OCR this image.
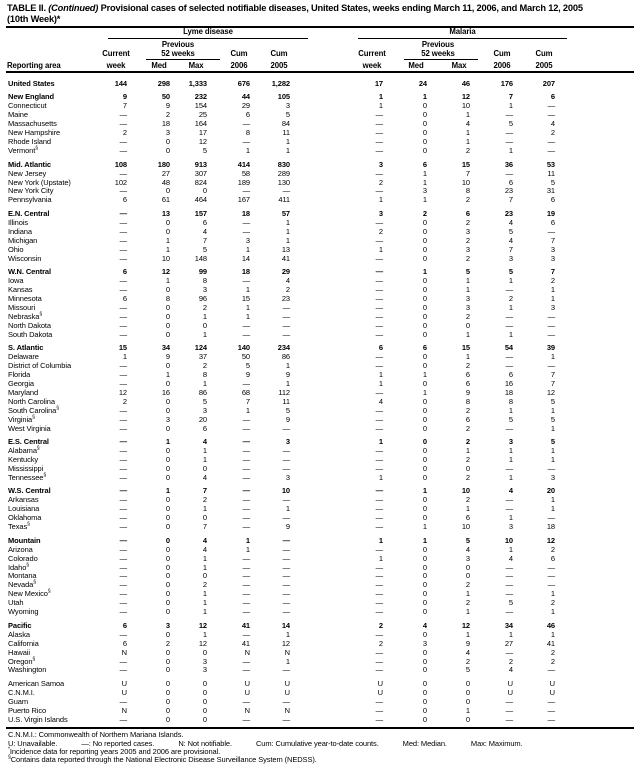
TABLE II. (Continued) Provisional cases of selected notifiable diseases, United States, weeks ending March 11, 2006, and March 12, 2005
(10th Week)*
Lyme disease	Malaria
Previous	Previous
Current	52 weeks	Cum	Cum	Current	52 weeks	Cum	Cum
Reporting area	week	Med	Max	2006	2005	week	Med	Max	2006	2005
United States	144	298	1,333	676	1,282	17	24	46	176	207
New England	9	50	232	44	105	1	1	12	7	6
Connecticut	7	9	154	29	3	1	0	10	1	—
Maine	—	2	25	6	5	—	0	1	—	—
Massachusetts	—	18	164	—	84	—	0	4	5	4
New Hampshire	2	3	17	8	11	—	0	1	—	2
Rhode Island	—	0	12	—	1	—	0	1	—	—
Vermont§	—	0	5	1	1	—	0	2	1	—
Mid. Atlantic	108	180	913	414	830	3	6	15	36	53
New Jersey	—	27	307	58	289	—	1	7	—	11
New York (Upstate)	102	48	824	189	130	2	1	10	6	5
New York City	—	0	0	—	—	—	3	8	23	31
Pennsylvania	6	61	464	167	411	1	1	2	7	6
E.N. Central	—	13	157	18	57	3	2	6	23	19
Illinois	—	0	6	—	1	—	0	2	4	6
Indiana	—	0	4	—	1	2	0	3	5	—
Michigan	—	1	7	3	1	—	0	2	4	7
Ohio	—	1	5	1	13	1	0	3	7	3
Wisconsin	—	10	148	14	41	—	0	2	3	3
W.N. Central	6	12	99	18	29	—	1	5	5	7
Iowa	—	1	8	—	4	—	0	1	1	2
Kansas	—	0	3	1	2	—	0	1	—	1
Minnesota	6	8	96	15	23	—	0	3	2	1
Missouri	—	0	2	1	—	—	0	3	1	3
Nebraska§	—	0	1	1	—	—	0	2	—	—
North Dakota	—	0	0	—	—	—	0	0	—	—
South Dakota	—	0	1	—	—	—	0	1	1	—
S. Atlantic	15	34	124	140	234	6	6	15	54	39
Delaware	1	9	37	50	86	—	0	1	—	1
District of Columbia	—	0	2	5	1	—	0	2	—	—
Florida	—	1	8	9	9	1	1	6	6	7
Georgia	—	0	1	—	1	1	0	6	16	7
Maryland	12	16	86	68	112	—	1	9	18	12
North Carolina	2	0	5	7	11	4	0	8	8	5
South Carolina§	—	0	3	1	5	—	0	2	1	1
Virginia§	—	3	20	—	9	—	0	6	5	5
West Virginia	—	0	6	—	—	—	0	2	—	1
E.S. Central	—	1	4	—	3	1	0	2	3	5
Alabama§	—	0	1	—	—	—	0	1	1	1
Kentucky	—	0	1	—	—	—	0	2	1	1
Mississippi	—	0	0	—	—	—	0	0	—	—
Tennessee§	—	0	4	—	3	1	0	2	1	3
W.S. Central	—	1	7	—	10	—	1	10	4	20
Arkansas	—	0	2	—	—	—	0	2	—	1
Louisiana	—	0	1	—	1	—	0	1	—	1
Oklahoma	—	0	0	—	—	—	0	6	1	—
Texas§	—	0	7	—	9	—	1	10	3	18
Mountain	—	0	4	1	—	1	1	5	10	12
Arizona	—	0	4	1	—	—	0	4	1	2
Colorado	—	0	1	—	—	1	0	3	4	6
Idaho§	—	0	1	—	—	—	0	0	—	—
Montana	—	0	0	—	—	—	0	0	—	—
Nevada§	—	0	2	—	—	—	0	2	—	—
New Mexico§	—	0	1	—	—	—	0	1	—	1
Utah	—	0	1	—	—	—	0	2	5	2
Wyoming	—	0	1	—	—	—	0	1	—	1
Pacific	6	3	12	41	14	2	4	12	34	46
Alaska	—	0	1	—	1	—	0	1	1	1
California	6	2	12	41	12	2	3	9	27	41
Hawaii	N	0	0	N	N	—	0	4	—	2
Oregon§	—	0	3	—	1	—	0	2	2	2
Washington	—	0	3	—	—	—	0	5	4	—
American Samoa	U	0	0	U	U	U	0	0	U	U
C.N.M.I.	U	0	0	U	U	U	0	0	U	U
Guam	—	0	0	—	—	—	0	0	—	—
Puerto Rico	N	0	0	N	N	—	0	1	—	—
U.S. Virgin Islands	—	0	0	—	—	—	0	0	—	—
C.N.M.I.: Commonwealth of Northern Mariana Islands.
U: Unavailable.	—: No reported cases.	N: Not notifiable.	Cum: Cumulative year-to-date counts.	Med: Median.	Max: Maximum.
*Incidence data for reporting years 2005 and 2006 are provisional.
§Contains data reported through the National Electronic Disease Surveillance System (NEDSS).
